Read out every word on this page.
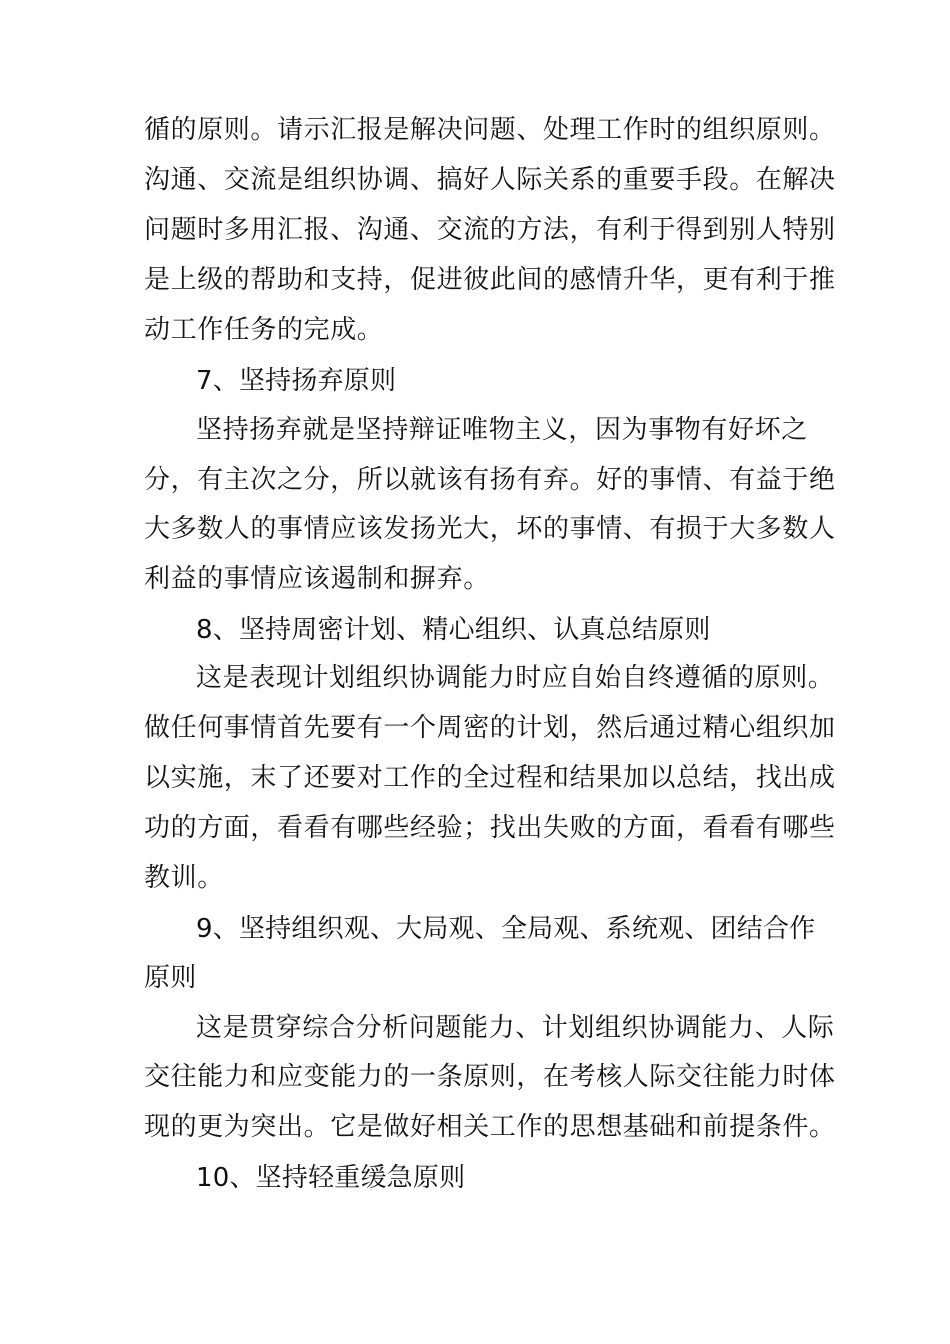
循的原则。请示汇报是解决问题、处理工作时的组织原则。
沟通、交流是组织协调、搞好人际关系的重要手段。在解决
问题时多用汇报、沟通、交流的方法，有利于得到别人特别
是上级的帮助和支持，促进彼此间的感情升华，更有利于推
动工作任务的完成。
7、坚持扬弃原则
坚持扬弃就是坚持辩证唯物主义，因为事物有好坏之
分，有主次之分，所以就该有扬有弃。好的事情、有益于绝
大多数人的事情应该发扬光大，坏的事情、有损于大多数人
利益的事情应该遏制和摒弃。
8、坚持周密计划、精心组织、认真总结原则
这是表现计划组织协调能力时应自始自终遵循的原则。
做任何事情首先要有一个周密的计划，然后通过精心组织加
以实施，末了还要对工作的全过程和结果加以总结，找出成
功的方面，看看有哪些经验；找出失败的方面，看看有哪些
教训。
9、坚持组织观、大局观、全局观、系统观、团结合作
原则
这是贯穿综合分析问题能力、计划组织协调能力、人际
交往能力和应变能力的一条原则，在考核人际交往能力时体
现的更为突出。它是做好相关工作的思想基础和前提条件。
10、坚持轻重缓急原则
